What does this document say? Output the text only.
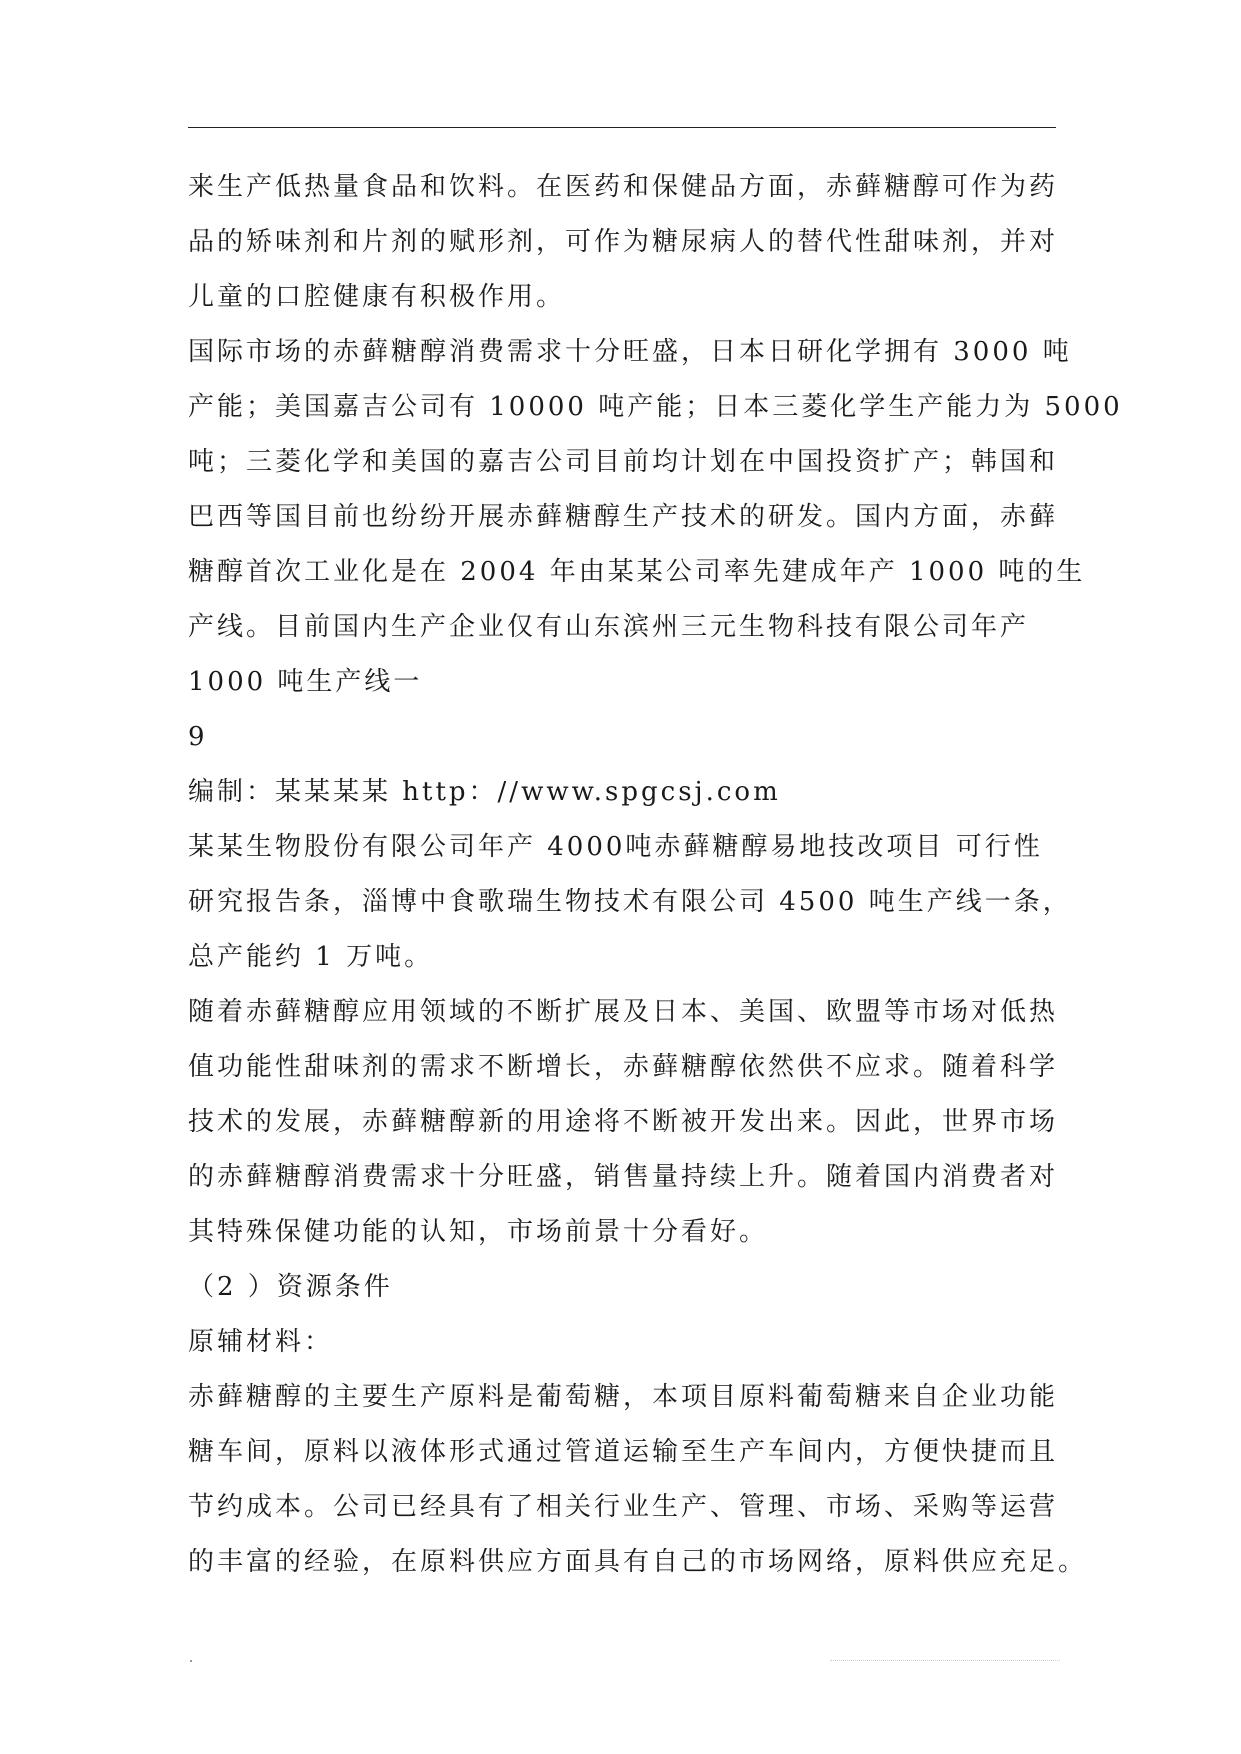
来生产低热量食品和饮料。在医药和保健品方面，赤藓糖醇可作为药
品的矫味剂和片剂的赋形剂，可作为糖尿病人的替代性甜味剂，并对
儿童的口腔健康有积极作用。
国际市场的赤藓糖醇消费需求十分旺盛，日本日研化学拥有 3000 吨
产能；美国嘉吉公司有 10000 吨产能；日本三菱化学生产能力为 5000
吨；三菱化学和美国的嘉吉公司目前均计划在中国投资扩产；韩国和
巴西等国目前也纷纷开展赤藓糖醇生产技术的研发。国内方面，赤藓
糖醇首次工业化是在 2004 年由某某公司率先建成年产 1000 吨的生
产线。目前国内生产企业仅有山东滨州三元生物科技有限公司年产
1000 吨生产线一
9
编制：某某某某 http：//www.spgcsj.com
某某生物股份有限公司年产 4000吨赤藓糖醇易地技改项目 可行性
研究报告条，淄博中食歌瑞生物技术有限公司 4500 吨生产线一条，
总产能约 1 万吨。
随着赤藓糖醇应用领域的不断扩展及日本、美国、欧盟等市场对低热
值功能性甜味剂的需求不断增长，赤藓糖醇依然供不应求。随着科学
技术的发展，赤藓糖醇新的用途将不断被开发出来。因此，世界市场
的赤藓糖醇消费需求十分旺盛，销售量持续上升。随着国内消费者对
其特殊保健功能的认知，市场前景十分看好。
（2 ）资源条件
原辅材料：
赤藓糖醇的主要生产原料是葡萄糖，本项目原料葡萄糖来自企业功能
糖车间，原料以液体形式通过管道运输至生产车间内，方便快捷而且
节约成本。公司已经具有了相关行业生产、管理、市场、采购等运营
的丰富的经验，在原料供应方面具有自己的市场网络，原料供应充足。
